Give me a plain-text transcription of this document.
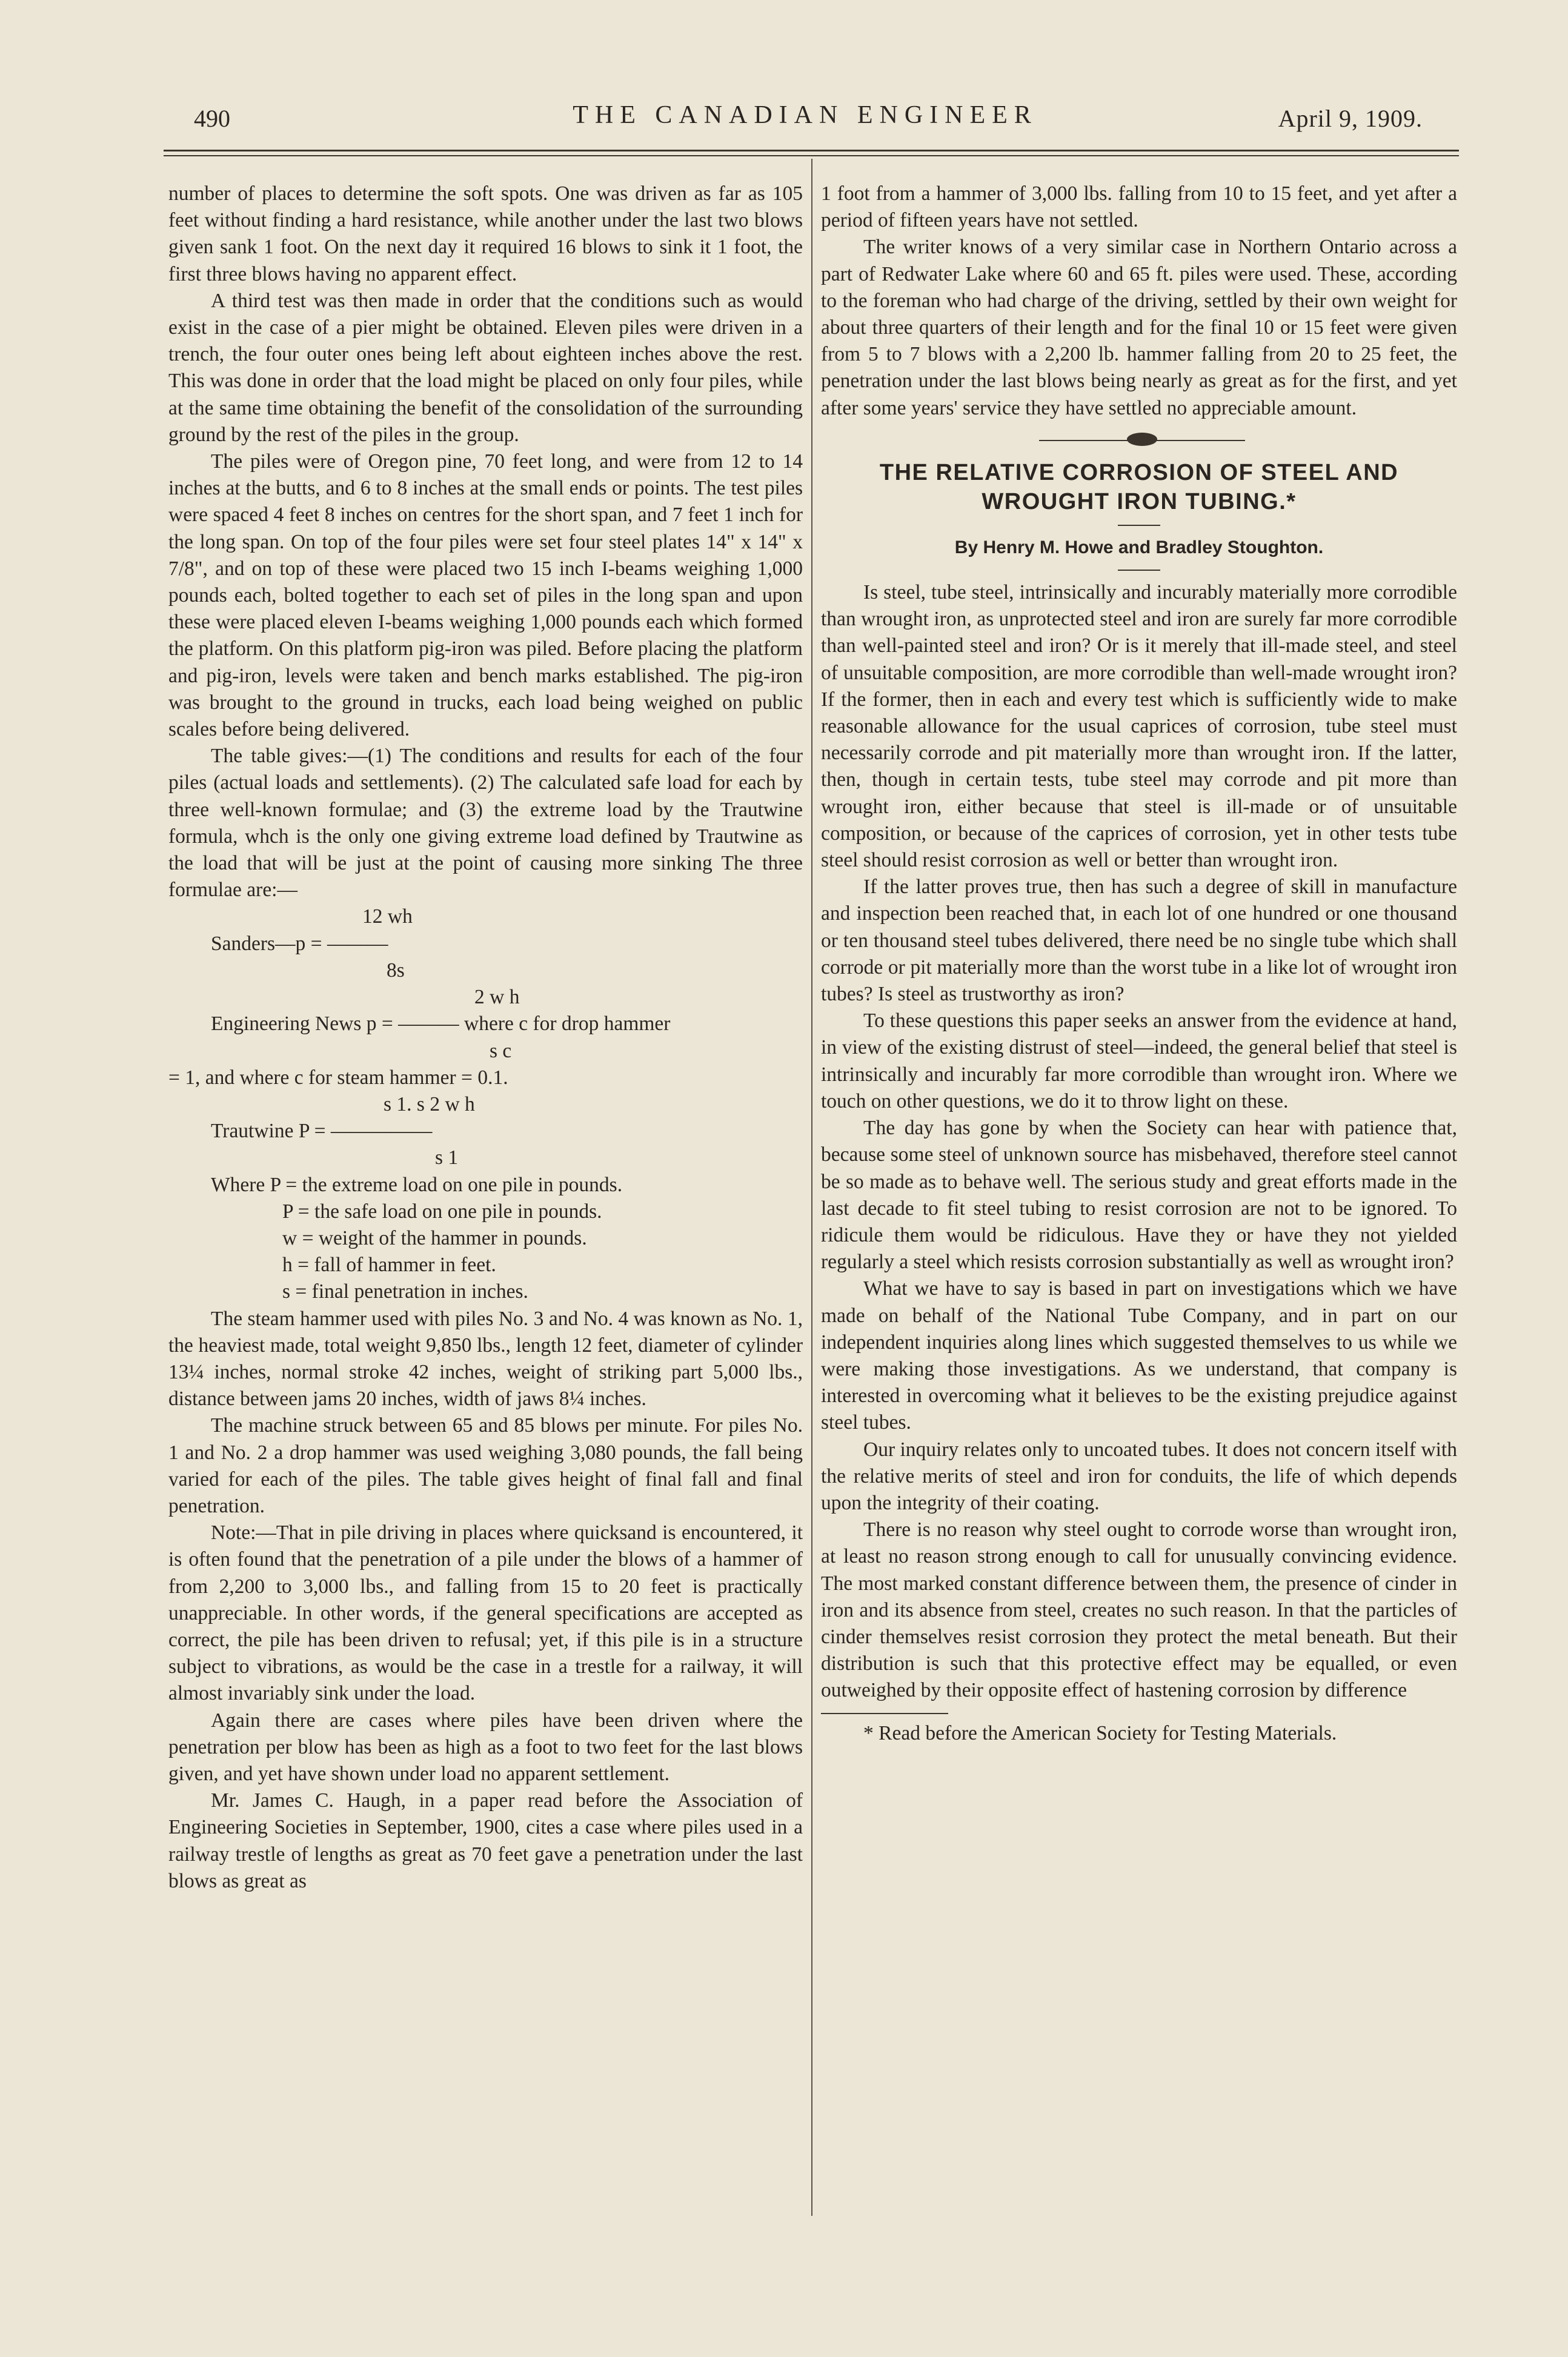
490	THE CANADIAN ENGINEER	April 9, 1909.

number of places to determine the soft spots. One was driven as far as 105 feet without finding a hard resistance, while another under the last two blows given sank 1 foot. On the next day it required 16 blows to sink it 1 foot, the first three blows having no apparent effect.

A third test was then made in order that the conditions such as would exist in the case of a pier might be obtained. Eleven piles were driven in a trench, the four outer ones being left about eighteen inches above the rest. This was done in order that the load might be placed on only four piles, while at the same time obtaining the benefit of the consolidation of the surrounding ground by the rest of the piles in the group.

The piles were of Oregon pine, 70 feet long, and were from 12 to 14 inches at the butts, and 6 to 8 inches at the small ends or points. The test piles were spaced 4 feet 8 inches on centres for the short span, and 7 feet 1 inch for the long span. On top of the four piles were set four steel plates 14" x 14" x 7/8", and on top of these were placed two 15 inch I-beams weighing 1,000 pounds each, bolted together to each set of piles in the long span and upon these were placed eleven I-beams weighing 1,000 pounds each which formed the platform. On this platform pig-iron was piled. Before placing the platform and pig-iron, levels were taken and bench marks established. The pig-iron was brought to the ground in trucks, each load being weighed on public scales before being delivered.

The table gives:—(1) The conditions and results for each of the four piles (actual loads and settlements). (2) The calculated safe load for each by three well-known formulae; and (3) the extreme load by the Trautwine formula, whch is the only one giving extreme load defined by Trautwine as the load that will be just at the point of causing more sinking The three formulae are:—

12 wh

Sanders—p = ———

8s

2 w h

Engineering News p = ——— where c for drop hammer

s c

= 1, and where c for steam hammer = 0.1.

s 1. s 2 w h

Trautwine P = —————

s 1

Where P = the extreme load on one pile in pounds.

P = the safe load on one pile in pounds.

w = weight of the hammer in pounds.

h = fall of hammer in feet.

s = final penetration in inches.

The steam hammer used with piles No. 3 and No. 4 was known as No. 1, the heaviest made, total weight 9,850 lbs., length 12 feet, diameter of cylinder 13¼ inches, normal stroke 42 inches, weight of striking part 5,000 lbs., distance between jams 20 inches, width of jaws 8¼ inches.

The machine struck between 65 and 85 blows per minute. For piles No. 1 and No. 2 a drop hammer was used weighing 3,080 pounds, the fall being varied for each of the piles. The table gives height of final fall and final penetration.

Note:—That in pile driving in places where quicksand is encountered, it is often found that the penetration of a pile under the blows of a hammer of from 2,200 to 3,000 lbs., and falling from 15 to 20 feet is practically unappreciable. In other words, if the general specifications are accepted as correct, the pile has been driven to refusal; yet, if this pile is in a structure subject to vibrations, as would be the case in a trestle for a railway, it will almost invariably sink under the load.

Again there are cases where piles have been driven where the penetration per blow has been as high as a foot to two feet for the last blows given, and yet have shown under load no apparent settlement.

Mr. James C. Haugh, in a paper read before the Association of Engineering Societies in September, 1900, cites a case where piles used in a railway trestle of lengths as great as 70 feet gave a penetration under the last blows as great as

1 foot from a hammer of 3,000 lbs. falling from 10 to 15 feet, and yet after a period of fifteen years have not settled.

The writer knows of a very similar case in Northern Ontario across a part of Redwater Lake where 60 and 65 ft. piles were used. These, according to the foreman who had charge of the driving, settled by their own weight for about three quarters of their length and for the final 10 or 15 feet were given from 5 to 7 blows with a 2,200 lb. hammer falling from 20 to 25 feet, the penetration under the last blows being nearly as great as for the first, and yet after some years' service they have settled no appreciable amount.

THE RELATIVE CORROSION OF STEEL AND WROUGHT IRON TUBING.*

By Henry M. Howe and Bradley Stoughton.

Is steel, tube steel, intrinsically and incurably materially more corrodible than wrought iron, as unprotected steel and iron are surely far more corrodible than well-painted steel and iron? Or is it merely that ill-made steel, and steel of unsuitable composition, are more corrodible than well-made wrought iron? If the former, then in each and every test which is sufficiently wide to make reasonable allowance for the usual caprices of corrosion, tube steel must necessarily corrode and pit materially more than wrought iron. If the latter, then, though in certain tests, tube steel may corrode and pit more than wrought iron, either because that steel is ill-made or of unsuitable composition, or because of the caprices of corrosion, yet in other tests tube steel should resist corrosion as well or better than wrought iron.

If the latter proves true, then has such a degree of skill in manufacture and inspection been reached that, in each lot of one hundred or one thousand or ten thousand steel tubes delivered, there need be no single tube which shall corrode or pit materially more than the worst tube in a like lot of wrought iron tubes? Is steel as trustworthy as iron?

To these questions this paper seeks an answer from the evidence at hand, in view of the existing distrust of steel—indeed, the general belief that steel is intrinsically and incurably far more corrodible than wrought iron. Where we touch on other questions, we do it to throw light on these.

The day has gone by when the Society can hear with patience that, because some steel of unknown source has misbehaved, therefore steel cannot be so made as to behave well. The serious study and great efforts made in the last decade to fit steel tubing to resist corrosion are not to be ignored. To ridicule them would be ridiculous. Have they or have they not yielded regularly a steel which resists corrosion substantially as well as wrought iron?

What we have to say is based in part on investigations which we have made on behalf of the National Tube Company, and in part on our independent inquiries along lines which suggested themselves to us while we were making those investigations. As we understand, that company is interested in overcoming what it believes to be the existing prejudice against steel tubes.

Our inquiry relates only to uncoated tubes. It does not concern itself with the relative merits of steel and iron for conduits, the life of which depends upon the integrity of their coating.

There is no reason why steel ought to corrode worse than wrought iron, at least no reason strong enough to call for unusually convincing evidence. The most marked constant difference between them, the presence of cinder in iron and its absence from steel, creates no such reason. In that the particles of cinder themselves resist corrosion they protect the metal beneath. But their distribution is such that this protective effect may be equalled, or even outweighed by their opposite effect of hastening corrosion by difference

* Read before the American Society for Testing Materials.
